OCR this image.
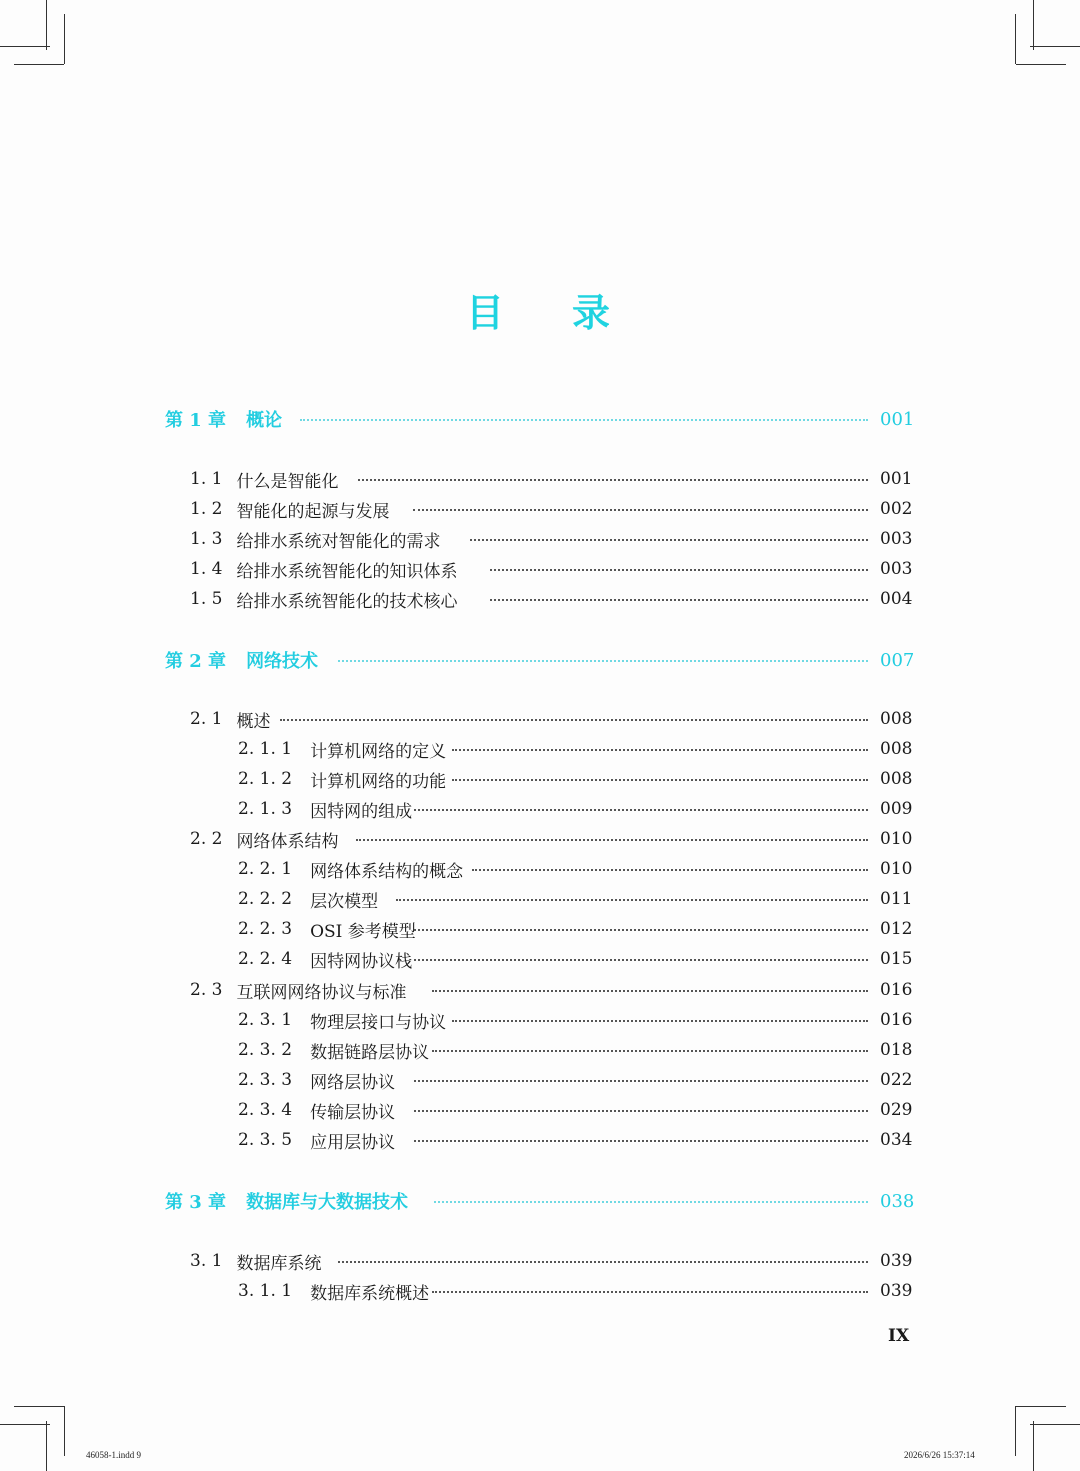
目 录
第 1 章 概论	001
1. 1 什么是智能化	001
1. 2 智能化的起源与发展	002
1. 3 给排水系统对智能化的需求	003
1. 4 给排水系统智能化的知识体系	003
1. 5 给排水系统智能化的技术核心	004
第 2 章 网络技术	007
2. 1 概述	008
2. 1. 1 计算机网络的定义	008
2. 1. 2 计算机网络的功能	008
2. 1. 3 因特网的组成	009
2. 2 网络体系结构	010
2. 2. 1 网络体系结构的概念	010
2. 2. 2 层次模型	011
2. 2. 3 OSI 参考模型	012
2. 2. 4 因特网协议栈	015
2. 3 互联网网络协议与标准	016
2. 3. 1 物理层接口与协议	016
2. 3. 2 数据链路层协议	018
2. 3. 3 网络层协议	022
2. 3. 4 传输层协议	029
2. 3. 5 应用层协议	034
第 3 章 数据库与大数据技术	038
3. 1 数据库系统	039
3. 1. 1 数据库系统概述	039
IX
46058-1.indd 9	2026/6/26 15:37:14
